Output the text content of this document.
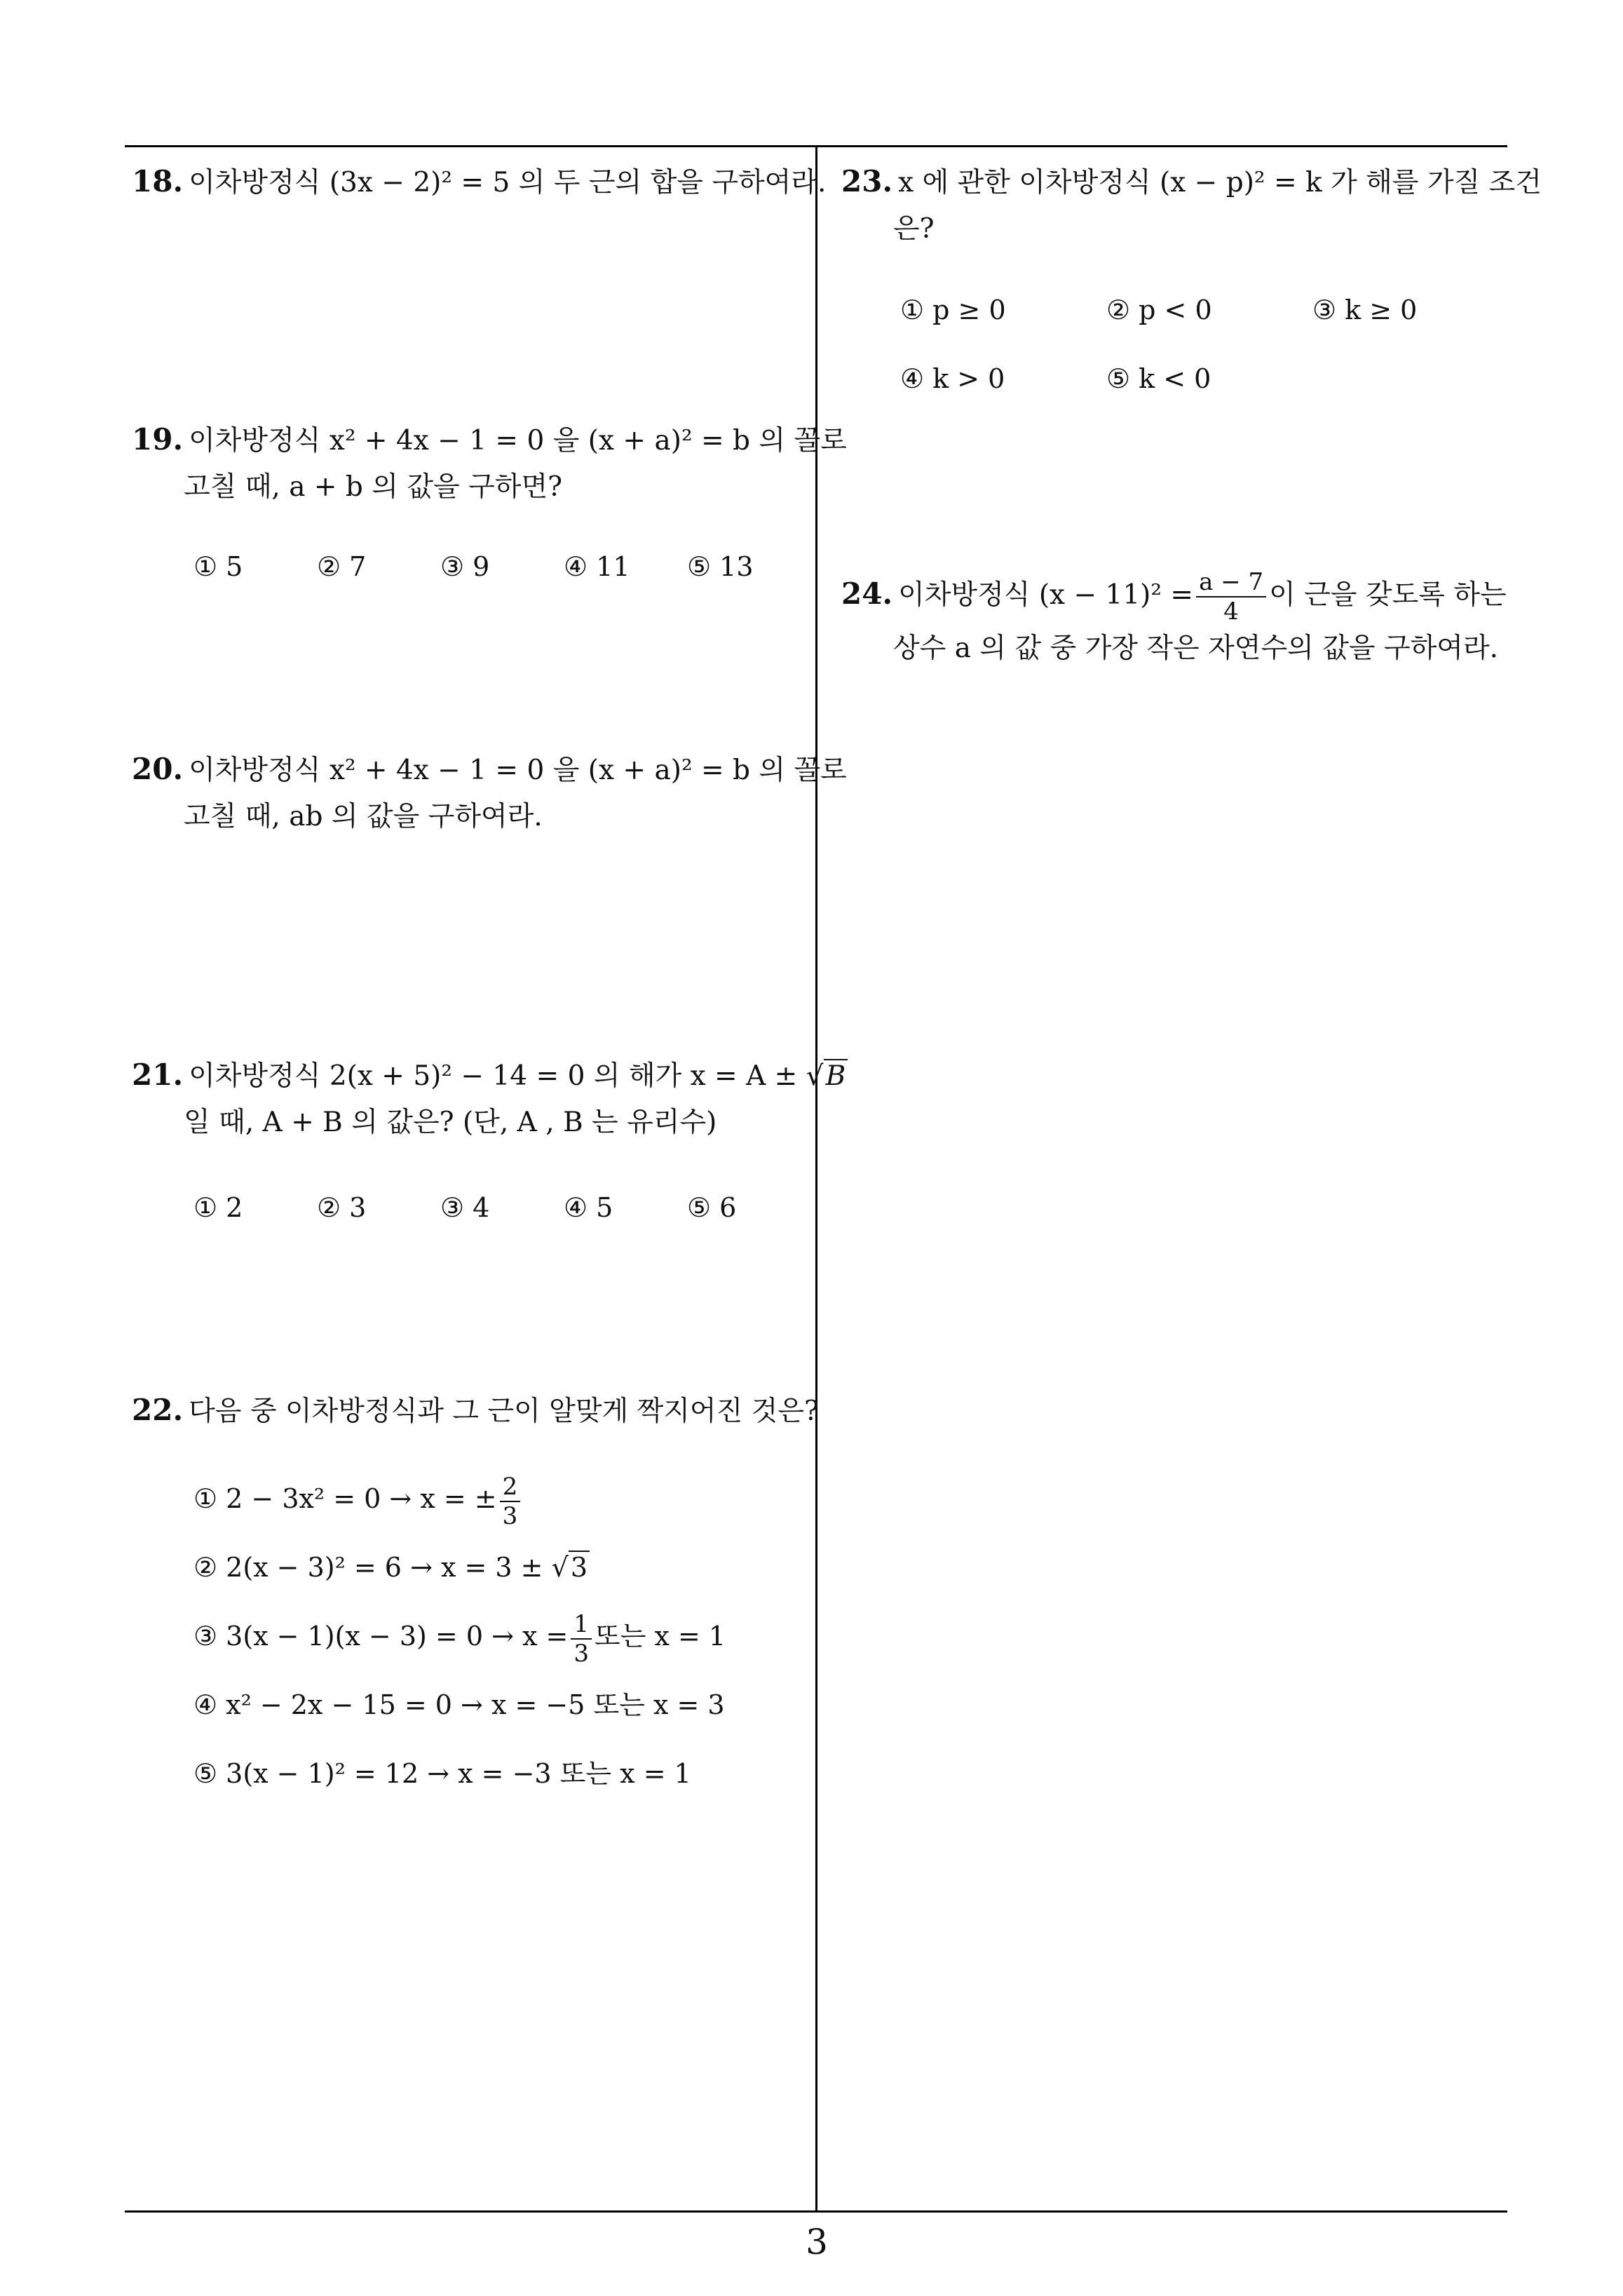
18. 이차방정식 (3x − 2)² = 5 의 두 근의 합을 구하여라.
19. 이차방정식 x² + 4x − 1 = 0 을 (x + a)² = b 의 꼴로
고칠 때, a + b 의 값을 구하면?
① 5	② 7	③ 9	④ 11 ⑤ 13
20. 이차방정식 x² + 4x − 1 = 0 을 (x + a)² = b 의 꼴로
고칠 때, ab 의 값을 구하여라.
21. 이차방정식 2(x + 5)² − 14 = 0 의 해가 x = A ± √ B
일 때, A + B 의 값은? (단, A , B 는 유리수)
① 2	② 3	③ 4	④ 5	⑤ 6
22. 다음 중 이차방정식과 그 근이 알맞게 짝지어진 것은?
① 2 − 3x² = 0 → x = ± $\frac{2}{3}$
② 2(x − 3)² = 6 → x = 3 ± √ 3
③ $3(x - 1)(x - 3) = 0 \to x = \frac{1}{3}$ 또는 x = 1
④ x² − 2x − 15 = 0 → x = −5 또는 x = 3
⑤ 3(x − 1)² = 12 → x = −3 또는 x = 1
23. x 에 관한 이차방정식 (x − p)² = k 가 해를 가질 조건
은?
① p ≥ 0	② p < 0	③ k ≥ 0
④ k > 0	⑤ k < 0
24. 이차방정식 $(x - 11)^2 = \frac{a - 7}{4}$ 이 근을 갖도록 하는
상수 a 의 값 중 가장 작은 자연수의 값을 구하여라.
3
